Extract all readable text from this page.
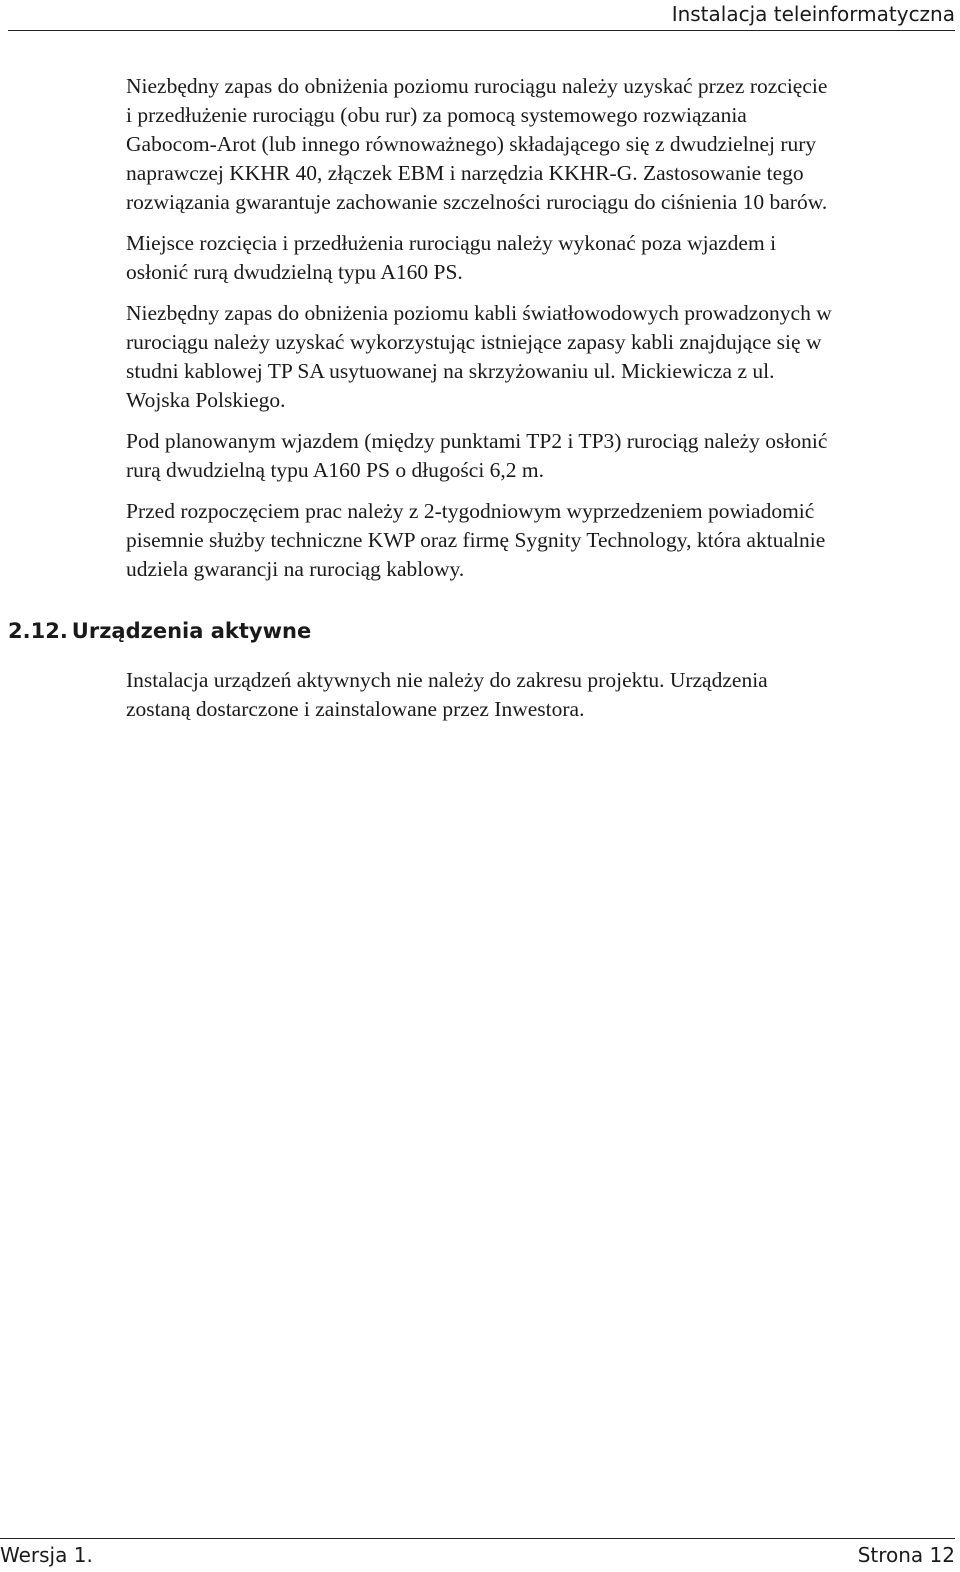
Instalacja teleinformatyczna
Niezbędny zapas do obniżenia poziomu rurociągu należy uzyskać przez rozcięcie
i przedłużenie rurociągu (obu rur) za pomocą systemowego rozwiązania
Gabocom-Arot (lub innego równoważnego) składającego się z dwudzielnej rury
naprawczej KKHR 40, złączek EBM i narzędzia KKHR-G. Zastosowanie tego
rozwiązania gwarantuje zachowanie szczelności rurociągu do ciśnienia 10 barów.
Miejsce rozcięcia i przedłużenia rurociągu należy wykonać poza wjazdem i
osłonić rurą dwudzielną typu A160 PS.
Niezbędny zapas do obniżenia poziomu kabli światłowodowych prowadzonych w
rurociągu należy uzyskać wykorzystując istniejące zapasy kabli znajdujące się w
studni kablowej TP SA usytuowanej na skrzyżowaniu ul. Mickiewicza z ul.
Wojska Polskiego.
Pod planowanym wjazdem (między punktami TP2 i TP3) rurociąg należy osłonić
rurą dwudzielną typu A160 PS o długości 6,2 m.
Przed rozpoczęciem prac należy z 2-tygodniowym wyprzedzeniem powiadomić
pisemnie służby techniczne KWP oraz firmę Sygnity Technology, która aktualnie
udziela gwarancji na rurociąg kablowy.
2.12. Urządzenia aktywne
Instalacja urządzeń aktywnych nie należy do zakresu projektu. Urządzenia
zostaną dostarczone i zainstalowane przez Inwestora.
Wersja 1.	Strona 12
